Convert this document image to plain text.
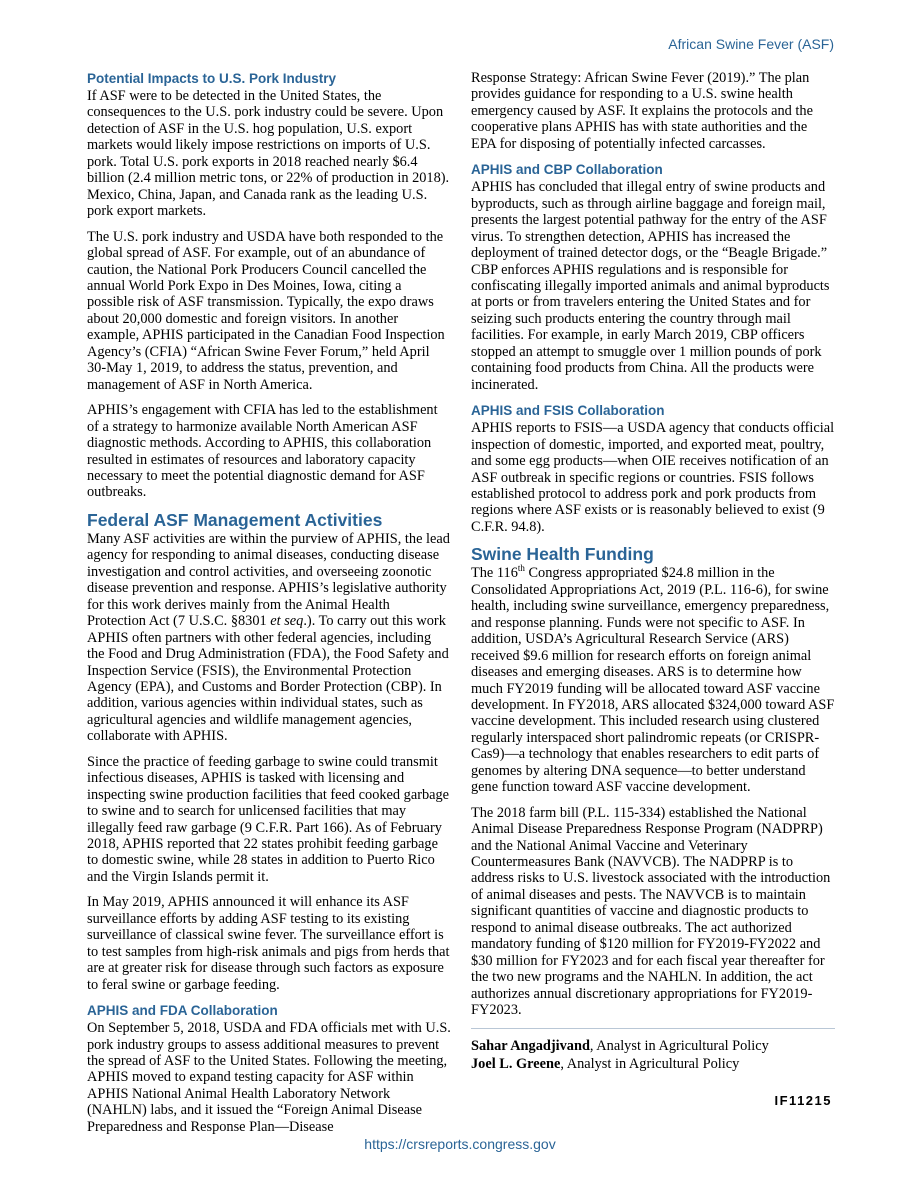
African Swine Fever (ASF)
Potential Impacts to U.S. Pork Industry

If ASF were to be detected in the United States, the consequences to the U.S. pork industry could be severe. Upon detection of ASF in the U.S. hog population, U.S. export markets would likely impose restrictions on imports of U.S. pork. Total U.S. pork exports in 2018 reached nearly $6.4 billion (2.4 million metric tons, or 22% of production in 2018). Mexico, China, Japan, and Canada rank as the leading U.S. pork export markets.

The U.S. pork industry and USDA have both responded to the global spread of ASF. For example, out of an abundance of caution, the National Pork Producers Council cancelled the annual World Pork Expo in Des Moines, Iowa, citing a possible risk of ASF transmission. Typically, the expo draws about 20,000 domestic and foreign visitors. In another example, APHIS participated in the Canadian Food Inspection Agency’s (CFIA) “African Swine Fever Forum,” held April 30-May 1, 2019, to address the status, prevention, and management of ASF in North America.

APHIS’s engagement with CFIA has led to the establishment of a strategy to harmonize available North American ASF diagnostic methods. According to APHIS, this collaboration resulted in estimates of resources and laboratory capacity necessary to meet the potential diagnostic demand for ASF outbreaks.

Federal ASF Management Activities

Many ASF activities are within the purview of APHIS, the lead agency for responding to animal diseases, conducting disease investigation and control activities, and overseeing zoonotic disease prevention and response. APHIS’s legislative authority for this work derives mainly from the Animal Health Protection Act (7 U.S.C. §8301 et seq.). To carry out this work APHIS often partners with other federal agencies, including the Food and Drug Administration (FDA), the Food Safety and Inspection Service (FSIS), the Environmental Protection Agency (EPA), and Customs and Border Protection (CBP). In addition, various agencies within individual states, such as agricultural agencies and wildlife management agencies, collaborate with APHIS.

Since the practice of feeding garbage to swine could transmit infectious diseases, APHIS is tasked with licensing and inspecting swine production facilities that feed cooked garbage to swine and to search for unlicensed facilities that may illegally feed raw garbage (9 C.F.R. Part 166). As of February 2018, APHIS reported that 22 states prohibit feeding garbage to domestic swine, while 28 states in addition to Puerto Rico and the Virgin Islands permit it.

In May 2019, APHIS announced it will enhance its ASF surveillance efforts by adding ASF testing to its existing surveillance of classical swine fever. The surveillance effort is to test samples from high-risk animals and pigs from herds that are at greater risk for disease through such factors as exposure to feral swine or garbage feeding.

APHIS and FDA Collaboration

On September 5, 2018, USDA and FDA officials met with U.S. pork industry groups to assess additional measures to prevent the spread of ASF to the United States. Following the meeting, APHIS moved to expand testing capacity for ASF within APHIS National Animal Health Laboratory Network (NAHLN) labs, and it issued the “Foreign Animal Disease Preparedness and Response Plan—Disease

Response Strategy: African Swine Fever (2019).” The plan provides guidance for responding to a U.S. swine health emergency caused by ASF. It explains the protocols and the cooperative plans APHIS has with state authorities and the EPA for disposing of potentially infected carcasses.

APHIS and CBP Collaboration

APHIS has concluded that illegal entry of swine products and byproducts, such as through airline baggage and foreign mail, presents the largest potential pathway for the entry of the ASF virus. To strengthen detection, APHIS has increased the deployment of trained detector dogs, or the “Beagle Brigade.” CBP enforces APHIS regulations and is responsible for confiscating illegally imported animals and animal byproducts at ports or from travelers entering the United States and for seizing such products entering the country through mail facilities. For example, in early March 2019, CBP officers stopped an attempt to smuggle over 1 million pounds of pork containing food products from China. All the products were incinerated.

APHIS and FSIS Collaboration

APHIS reports to FSIS—a USDA agency that conducts official inspection of domestic, imported, and exported meat, poultry, and some egg products—when OIE receives notification of an ASF outbreak in specific regions or countries. FSIS follows established protocol to address pork and pork products from regions where ASF exists or is reasonably believed to exist (9 C.F.R. 94.8).

Swine Health Funding

The 116th Congress appropriated $24.8 million in the Consolidated Appropriations Act, 2019 (P.L. 116-6), for swine health, including swine surveillance, emergency preparedness, and response planning. Funds were not specific to ASF. In addition, USDA’s Agricultural Research Service (ARS) received $9.6 million for research efforts on foreign animal diseases and emerging diseases. ARS is to determine how much FY2019 funding will be allocated toward ASF vaccine development. In FY2018, ARS allocated $324,000 toward ASF vaccine development. This included research using clustered regularly interspaced short palindromic repeats (or CRISPR-Cas9)—a technology that enables researchers to edit parts of genomes by altering DNA sequence—to better understand gene function toward ASF vaccine development.

The 2018 farm bill (P.L. 115-334) established the National Animal Disease Preparedness Response Program (NADPRP) and the National Animal Vaccine and Veterinary Countermeasures Bank (NAVVCB). The NADPRP is to address risks to U.S. livestock associated with the introduction of animal diseases and pests. The NAVVCB is to maintain significant quantities of vaccine and diagnostic products to respond to animal disease outbreaks. The act authorized mandatory funding of $120 million for FY2019-FY2022 and $30 million for FY2023 and for each fiscal year thereafter for the two new programs and the NAHLN. In addition, the act authorizes annual discretionary appropriations for FY2019-FY2023.

Sahar Angadjivand, Analyst in Agricultural Policy

Joel L. Greene, Analyst in Agricultural Policy

IF11215
https://crsreports.congress.gov
